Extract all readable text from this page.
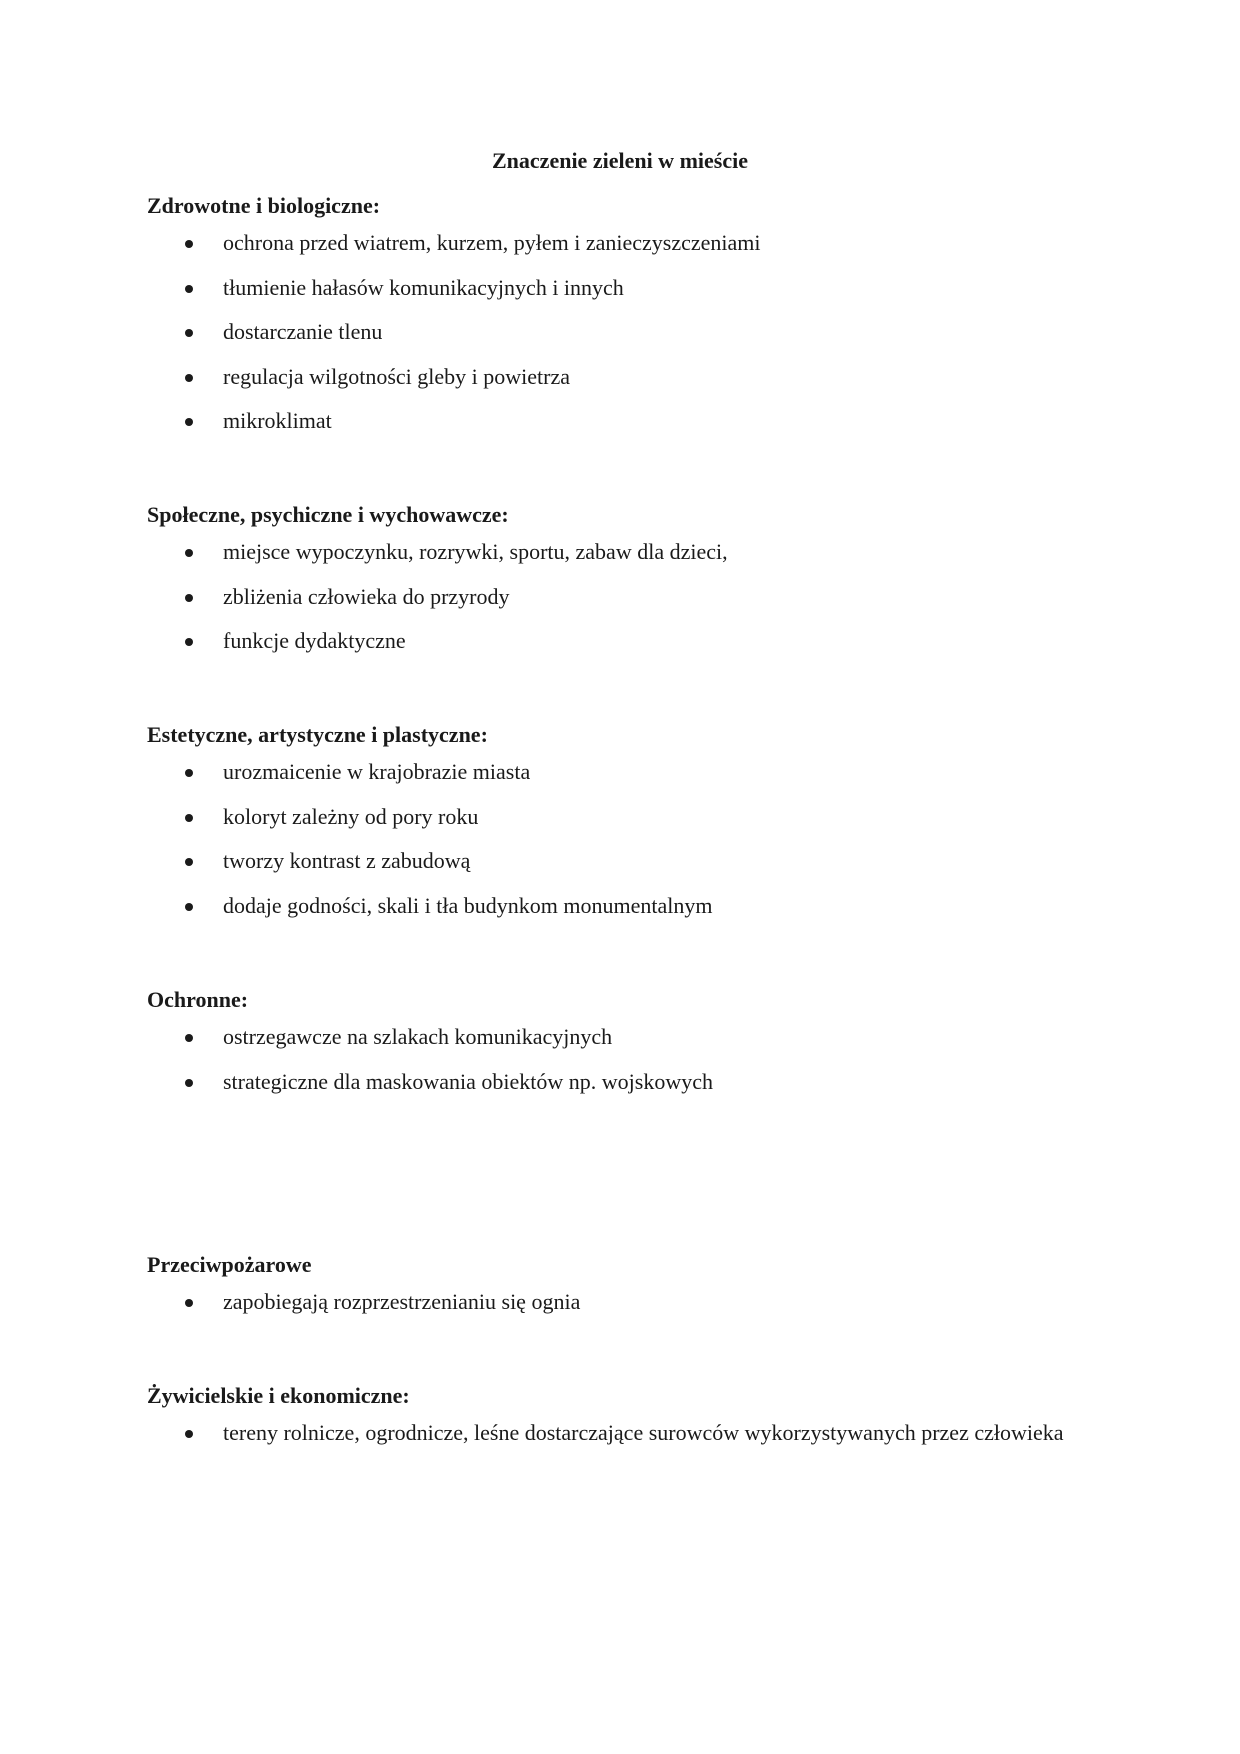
Znaczenie zieleni w mieście
Zdrowotne i biologiczne:
ochrona przed wiatrem, kurzem, pyłem i zanieczyszczeniami
tłumienie hałasów komunikacyjnych i innych
dostarczanie tlenu
regulacja wilgotności gleby i powietrza
mikroklimat
Społeczne, psychiczne i wychowawcze:
miejsce wypoczynku, rozrywki, sportu, zabaw dla dzieci,
zbliżenia człowieka do przyrody
funkcje dydaktyczne
Estetyczne, artystyczne i plastyczne:
urozmaicenie w krajobrazie miasta
koloryt zależny od pory roku
tworzy kontrast z zabudową
dodaje godności, skali i tła budynkom monumentalnym
Ochronne:
ostrzegawcze na szlakach komunikacyjnych
strategiczne dla maskowania obiektów np. wojskowych
Przeciwpożarowe
zapobiegają rozprzestrzenianiu się ognia
Żywicielskie i ekonomiczne:
tereny rolnicze, ogrodnicze, leśne dostarczające surowców wykorzystywanych przez człowieka
